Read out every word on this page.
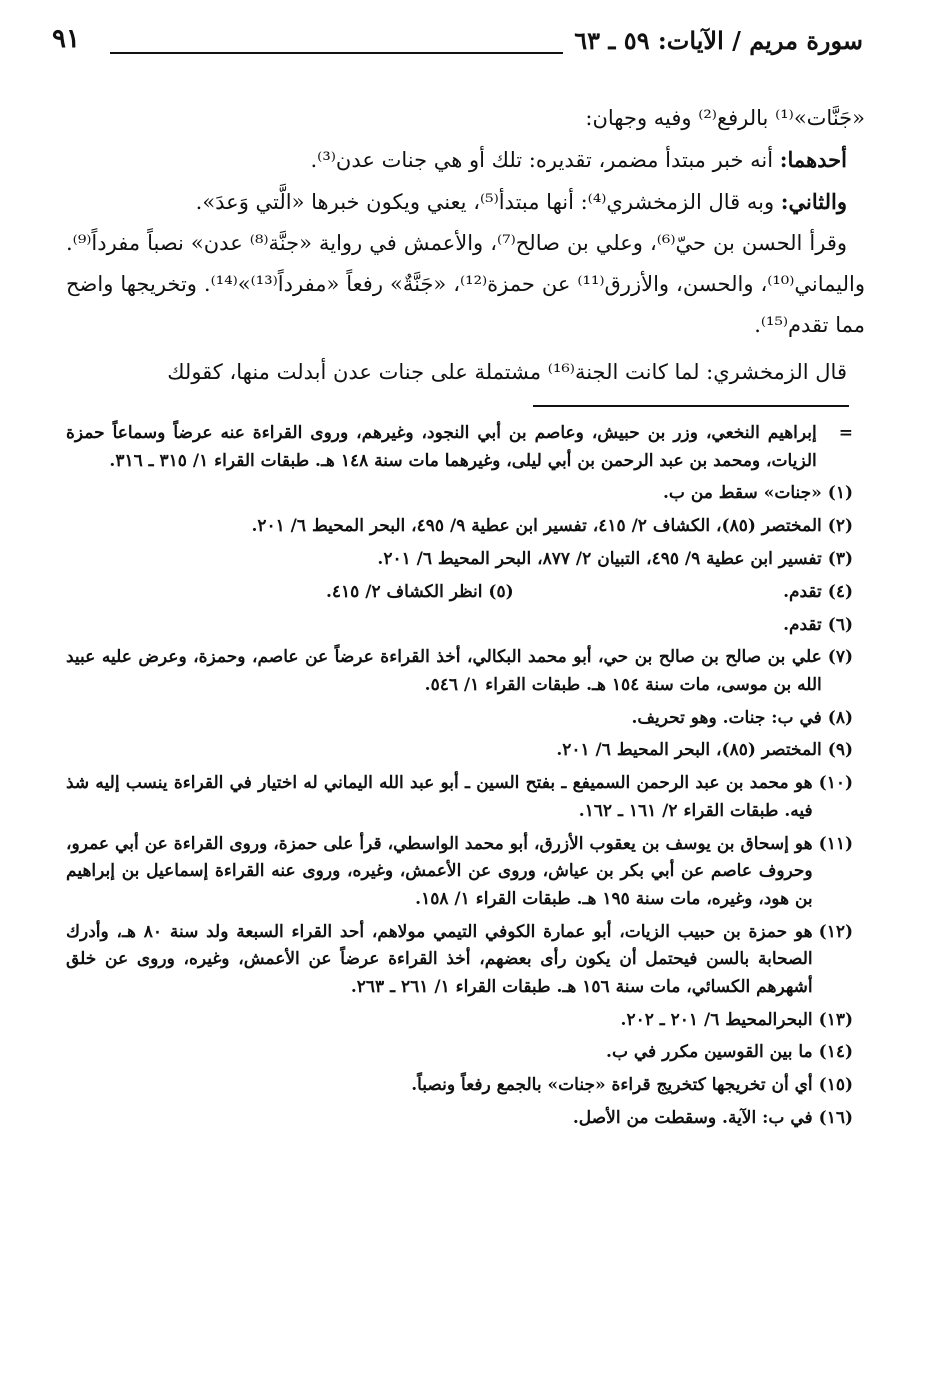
سورة مريم / الآيات: ٥٩ ـ ٦٣
٩١

«جَنَّات»⁽¹⁾ بالرفع⁽²⁾ وفيه وجهان:

أحدهما: أنه خبر مبتدأ مضمر، تقديره: تلك أو هي جنات عدن⁽³⁾.

والثاني: وبه قال الزمخشري⁽⁴⁾: أنها مبتدأ⁽⁵⁾، يعني ويكون خبرها «الَّتي وَعدَ».

وقرأ الحسن بن حيّ⁽⁶⁾، وعلي بن صالح⁽⁷⁾، والأعمش في رواية «جنَّة⁽⁸⁾ عدن» نصباً مفرداً⁽⁹⁾. واليماني⁽¹⁰⁾، والحسن، والأزرق⁽¹¹⁾ عن حمزة⁽¹²⁾، «جَنَّةٌ» رفعاً «مفرداً⁽¹³⁾»⁽¹⁴⁾. وتخريجها واضح مما تقدم⁽¹⁵⁾.

قال الزمخشري: لما كانت الجنة⁽¹⁶⁾ مشتملة على جنات عدن أبدلت منها، كقولك

=
إبراهيم النخعي، وزر بن حبيش، وعاصم بن أبي النجود، وغيرهم، وروى القراءة عنه عرضاً وسماعاً حمزة الزيات، ومحمد بن عبد الرحمن بن أبي ليلى، وغيرهما مات سنة ١٤٨ هـ. طبقات القراء ١/ ٣١٥ ـ ٣١٦.
(١)
«جنات» سقط من ب.
(٢)
المختصر (٨٥)، الكشاف ٢/ ٤١٥، تفسير ابن عطية ٩/ ٤٩٥، البحر المحيط ٦/ ٢٠١.
(٣)
تفسير ابن عطية ٩/ ٤٩٥، التبيان ٢/ ٨٧٧، البحر المحيط ٦/ ٢٠١.
(٤)
تقدم.
(٥) انظر الكشاف ٢/ ٤١٥.
(٦)
تقدم.
(٧)
علي بن صالح بن صالح بن حي، أبو محمد البكالي، أخذ القراءة عرضاً عن عاصم، وحمزة، وعرض عليه عبيد الله بن موسى، مات سنة ١٥٤ هـ. طبقات القراء ١/ ٥٤٦.
(٨)
في ب: جنات. وهو تحريف.
(٩)
المختصر (٨٥)، البحر المحيط ٦/ ٢٠١.
(١٠)
هو محمد بن عبد الرحمن السميفع ـ بفتح السين ـ أبو عبد الله اليماني له اختيار في القراءة ينسب إليه شذ فيه. طبقات القراء ٢/ ١٦١ ـ ١٦٢.
(١١)
هو إسحاق بن يوسف بن يعقوب الأزرق، أبو محمد الواسطي، قرأ على حمزة، وروى القراءة عن أبي عمرو، وحروف عاصم عن أبي بكر بن عياش، وروى عن الأعمش، وغيره، وروى عنه القراءة إسماعيل بن إبراهيم بن هود، وغيره، مات سنة ١٩٥ هـ. طبقات القراء ١/ ١٥٨.
(١٢)
هو حمزة بن حبيب الزيات، أبو عمارة الكوفي التيمي مولاهم، أحد القراء السبعة ولد سنة ٨٠ هـ، وأدرك الصحابة بالسن فيحتمل أن يكون رأى بعضهم، أخذ القراءة عرضاً عن الأعمش، وغيره، وروى عن خلق أشهرهم الكسائي، مات سنة ١٥٦ هـ. طبقات القراء ١/ ٢٦١ ـ ٢٦٣.
(١٣)
البحرالمحيط ٦/ ٢٠١ ـ ٢٠٢.
(١٤)
ما بين القوسين مكرر في ب.
(١٥)
أي أن تخريجها كتخريج قراءة «جنات» بالجمع رفعاً ونصباً.
(١٦)
في ب: الآية. وسقطت من الأصل.
